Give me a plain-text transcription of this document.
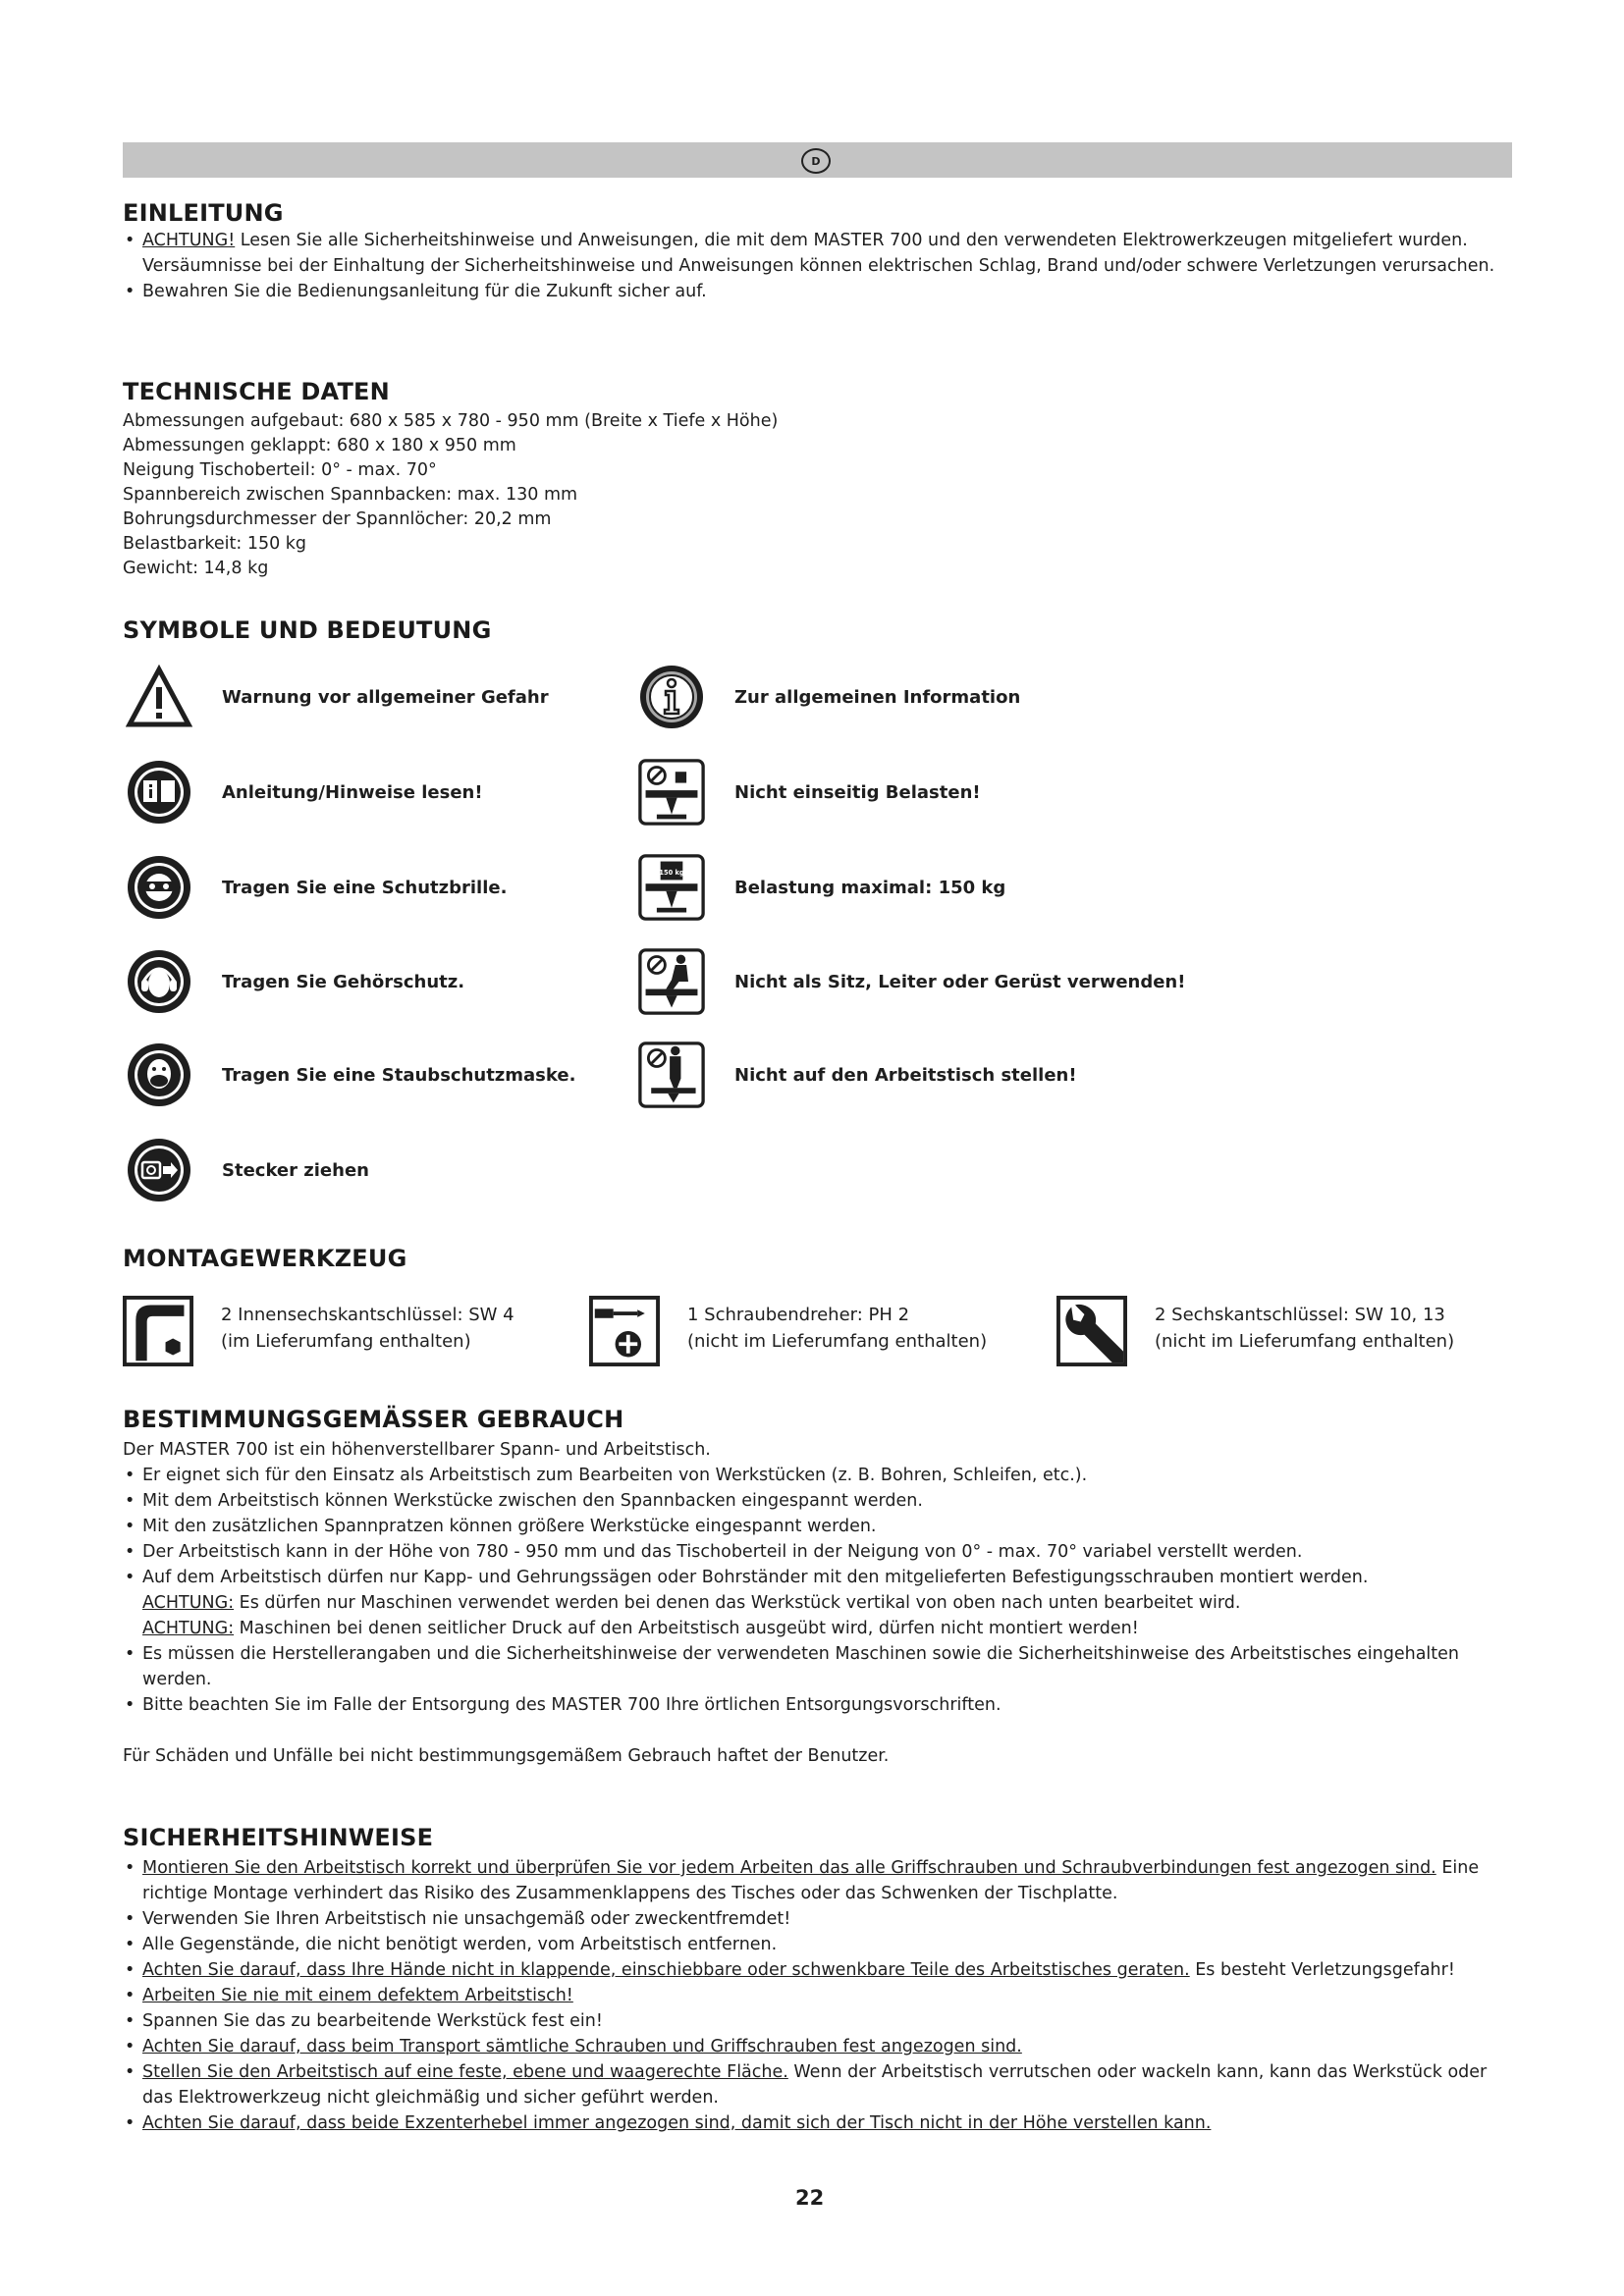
D
EINLEITUNG
• ACHTUNG! Lesen Sie alle Sicherheitshinweise und Anweisungen, die mit dem MASTER 700 und den verwendeten Elektrowerkzeugen mitgeliefert wurden. Versäumnisse bei der Einhaltung der Sicherheitshinweise und Anweisungen können elektrischen Schlag, Brand und/oder schwere Verletzungen verursachen.
• Bewahren Sie die Bedienungsanleitung für die Zukunft sicher auf.
TECHNISCHE DATEN
Abmessungen aufgebaut: 680 x 585 x 780 - 950 mm (Breite x Tiefe x Höhe)
Abmessungen geklappt: 680 x 180 x 950 mm
Neigung Tischoberteil: 0° - max. 70°
Spannbereich zwischen Spannbacken: max. 130 mm
Bohrungsdurchmesser der Spannlöcher: 20,2 mm
Belastbarkeit: 150 kg
Gewicht: 14,8 kg
SYMBOLE UND BEDEUTUNG
Warnung vor allgemeiner Gefahr
Anleitung/Hinweise lesen!
Tragen Sie eine Schutzbrille.
Tragen Sie Gehörschutz.
Tragen Sie eine Staubschutzmaske.
Stecker ziehen
Zur allgemeinen Information
Nicht einseitig Belasten!
150 kg
Belastung maximal: 150 kg
Nicht als Sitz, Leiter oder Gerüst verwenden!
Nicht auf den Arbeitstisch stellen!
MONTAGEWERKZEUG
2 Innensechskantschlüssel: SW 4
(im Lieferumfang enthalten)
1 Schraubendreher: PH 2
(nicht im Lieferumfang enthalten)
2 Sechskantschlüssel: SW 10, 13
(nicht im Lieferumfang enthalten)
BESTIMMUNGSGEMÄSSER GEBRAUCH
Der MASTER 700 ist ein höhenverstellbarer Spann- und Arbeitstisch.
• Er eignet sich für den Einsatz als Arbeitstisch zum Bearbeiten von Werkstücken (z. B. Bohren, Schleifen, etc.).
• Mit dem Arbeitstisch können Werkstücke zwischen den Spannbacken eingespannt werden.
• Mit den zusätzlichen Spannpratzen können größere Werkstücke eingespannt werden.
• Der Arbeitstisch kann in der Höhe von 780 - 950 mm und das Tischoberteil in der Neigung von 0° - max. 70° variabel verstellt werden.
• Auf dem Arbeitstisch dürfen nur Kapp- und Gehrungssägen oder Bohrständer mit den mitgelieferten Befestigungsschrauben montiert werden.
ACHTUNG: Es dürfen nur Maschinen verwendet werden bei denen das Werkstück vertikal von oben nach unten bearbeitet wird.
ACHTUNG: Maschinen bei denen seitlicher Druck auf den Arbeitstisch ausgeübt wird, dürfen nicht montiert werden!
• Es müssen die Herstellerangaben und die Sicherheitshinweise der verwendeten Maschinen sowie die Sicherheitshinweise des Arbeitstisches eingehalten werden.
• Bitte beachten Sie im Falle der Entsorgung des MASTER 700 Ihre örtlichen Entsorgungsvorschriften.
Für Schäden und Unfälle bei nicht bestimmungsgemäßem Gebrauch haftet der Benutzer.
SICHERHEITSHINWEISE
• Montieren Sie den Arbeitstisch korrekt und überprüfen Sie vor jedem Arbeiten das alle Griffschrauben und Schraubverbindungen fest angezogen sind. Eine richtige Montage verhindert das Risiko des Zusammenklappens des Tisches oder das Schwenken der Tischplatte.
• Verwenden Sie Ihren Arbeitstisch nie unsachgemäß oder zweckentfremdet!
• Alle Gegenstände, die nicht benötigt werden, vom Arbeitstisch entfernen.
• Achten Sie darauf, dass Ihre Hände nicht in klappende, einschiebbare oder schwenkbare Teile des Arbeitstisches geraten. Es besteht Verletzungsgefahr!
• Arbeiten Sie nie mit einem defektem Arbeitstisch!
• Spannen Sie das zu bearbeitende Werkstück fest ein!
• Achten Sie darauf, dass beim Transport sämtliche Schrauben und Griffschrauben fest angezogen sind.
• Stellen Sie den Arbeitstisch auf eine feste, ebene und waagerechte Fläche. Wenn der Arbeitstisch verrutschen oder wackeln kann, kann das Werkstück oder das Elektrowerkzeug nicht gleichmäßig und sicher geführt werden.
• Achten Sie darauf, dass beide Exzenterhebel immer angezogen sind, damit sich der Tisch nicht in der Höhe verstellen kann.
22
